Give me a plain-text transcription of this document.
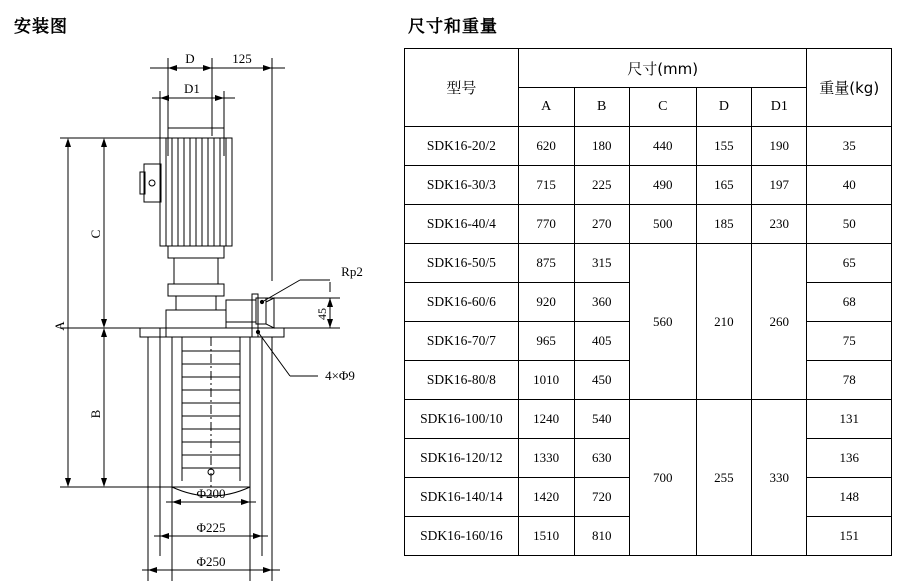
安装图
D	125
D1
Φ200
Φ225
Φ250
Rp2
4×Φ9
A
B
C
45
尺寸和重量
型号	尺寸(mm)					重量(kg)
	A	B	C	D	D1	
SDK16-20/2	620	180	440	155	190	35
SDK16-30/3	715	225	490	165	197	40
SDK16-40/4	770	270	500	185	230	50
SDK16-50/5	875	315	560	210	260	65
SDK16-60/6	920	360				68
SDK16-70/7	965	405				75
SDK16-80/8	1010	450				78
SDK16-100/10	1240	540	700	255	330	131
SDK16-120/12	1330	630				136
SDK16-140/14	1420	720				148
SDK16-160/16	1510	810				151
